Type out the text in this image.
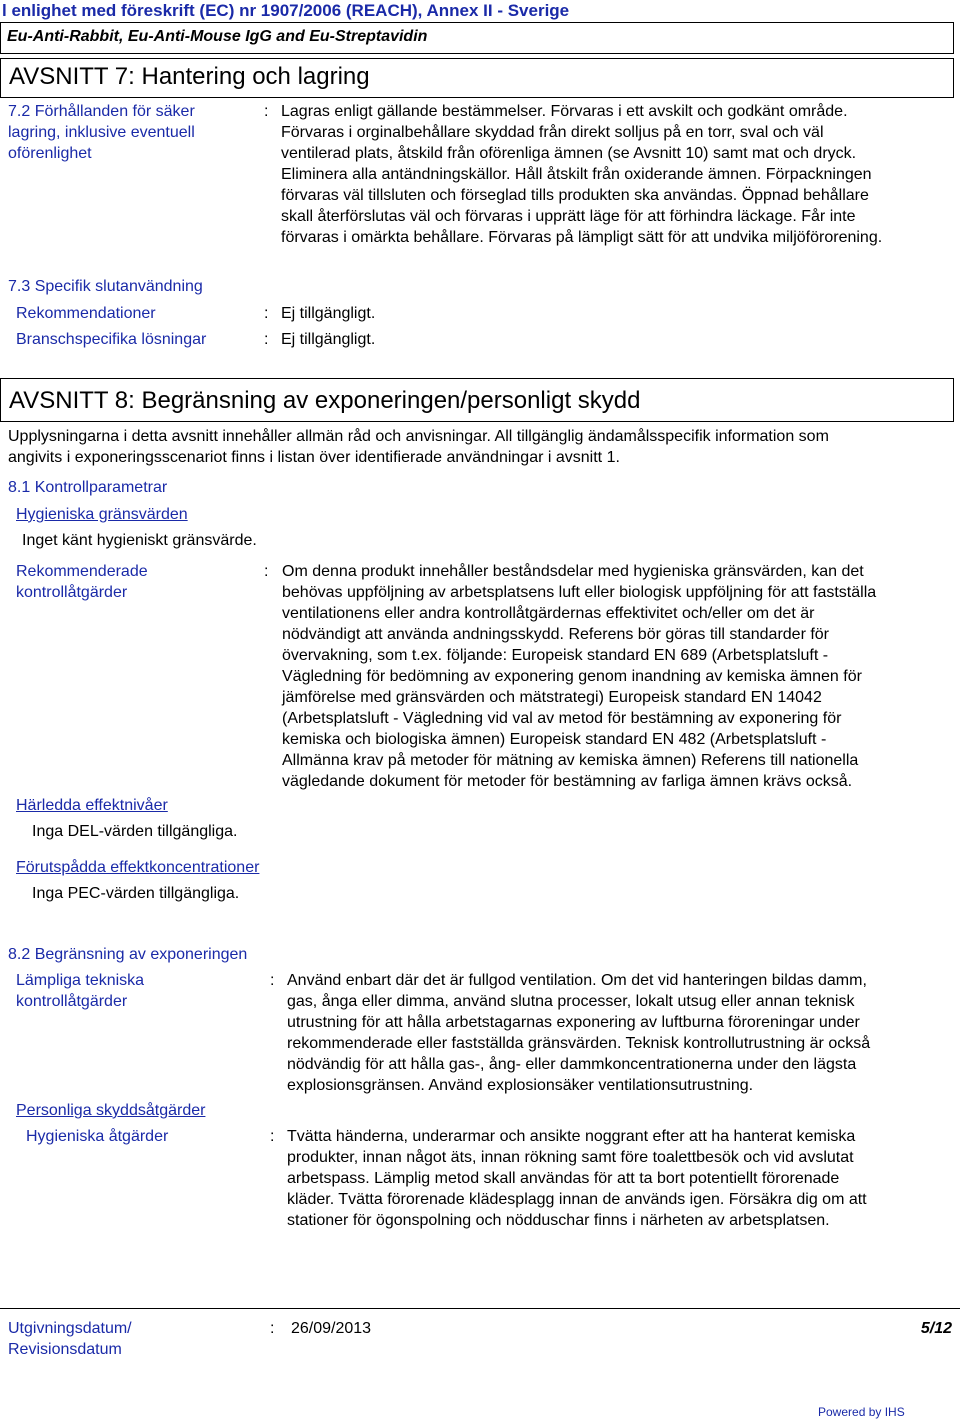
l enlighet med föreskrift (EC) nr 1907/2006 (REACH), Annex II - Sverige
Eu-Anti-Rabbit, Eu-Anti-Mouse IgG and Eu-Streptavidin
AVSNITT 7: Hantering och lagring
7.2 Förhållanden för säker
lagring, inklusive eventuell
oförenlighet
: Lagras enligt gällande bestämmelser. Förvaras i ett avskilt och godkänt område.
Förvaras i orginalbehållare skyddad från direkt solljus på en torr, sval och väl
ventilerad plats, åtskild från oförenliga ämnen (se Avsnitt 10) samt mat och dryck.
Eliminera alla antändningskällor. Håll åtskilt från oxiderande ämnen. Förpackningen
förvaras väl tillsluten och förseglad tills produkten ska användas. Öppnad behållare
skall återförslutas väl och förvaras i upprätt läge för att förhindra läckage. Får inte
förvaras i omärkta behållare. Förvaras på lämpligt sätt för att undvika miljöförorening.
7.3 Specifik slutanvändning
Rekommendationer	: Ej tillgängligt.
Branschspecifika lösningar	: Ej tillgängligt.
AVSNITT 8: Begränsning av exponeringen/personligt skydd
Upplysningarna i detta avsnitt innehåller allmän råd och anvisningar. All tillgänglig ändamålsspecifik information som
angivits i exponeringsscenariot finns i listan över identifierade användningar i avsnitt 1.
8.1 Kontrollparametrar
Hygieniska gränsvärden
Inget känt hygieniskt gränsvärde.
Rekommenderade
kontrollåtgärder
: Om denna produkt innehåller beståndsdelar med hygieniska gränsvärden, kan det
behövas uppföljning av arbetsplatsens luft eller biologisk uppföljning för att fastställa
ventilationens eller andra kontrollåtgärdernas effektivitet och/eller om det är
nödvändigt att använda andningsskydd. Referens bör göras till standarder för
övervakning, som t.ex. följande: Europeisk standard EN 689 (Arbetsplatsluft -
Vägledning för bedömning av exponering genom inandning av kemiska ämnen för
jämförelse med gränsvärden och mätstrategi) Europeisk standard EN 14042
(Arbetsplatsluft - Vägledning vid val av metod för bestämning av exponering för
kemiska och biologiska ämnen) Europeisk standard EN 482 (Arbetsplatsluft -
Allmänna krav på metoder för mätning av kemiska ämnen) Referens till nationella
vägledande dokument för metoder för bestämning av farliga ämnen krävs också.
Härledda effektnivåer
Inga DEL-värden tillgängliga.
Förutspådda effektkoncentrationer
Inga PEC-värden tillgängliga.
8.2 Begränsning av exponeringen
Lämpliga tekniska
kontrollåtgärder
: Använd enbart där det är fullgod ventilation. Om det vid hanteringen bildas damm,
gas, ånga eller dimma, använd slutna processer, lokalt utsug eller annan teknisk
utrustning för att hålla arbetstagarnas exponering av luftburna föroreningar under
rekommenderade eller fastställda gränsvärden. Teknisk kontrollutrustning är också
nödvändig för att hålla gas-, ång- eller dammkoncentrationerna under den lägsta
explosionsgränsen. Använd explosionsäker ventilationsutrustning.
Personliga skyddsåtgärder
Hygieniska åtgärder	: Tvätta händerna, underarmar och ansikte noggrant efter att ha hanterat kemiska
produkter, innan något äts, innan rökning samt före toalettbesök och vid avslutat
arbetspass. Lämplig metod skall användas för att ta bort potentiellt förorenade
kläder. Tvätta förorenade klädesplagg innan de används igen. Försäkra dig om att
stationer för ögonspolning och nödduschar finns i närheten av arbetsplatsen.
Utgivningsdatum/
Revisionsdatum
: 26/09/2013	5/12
Powered by IHS
